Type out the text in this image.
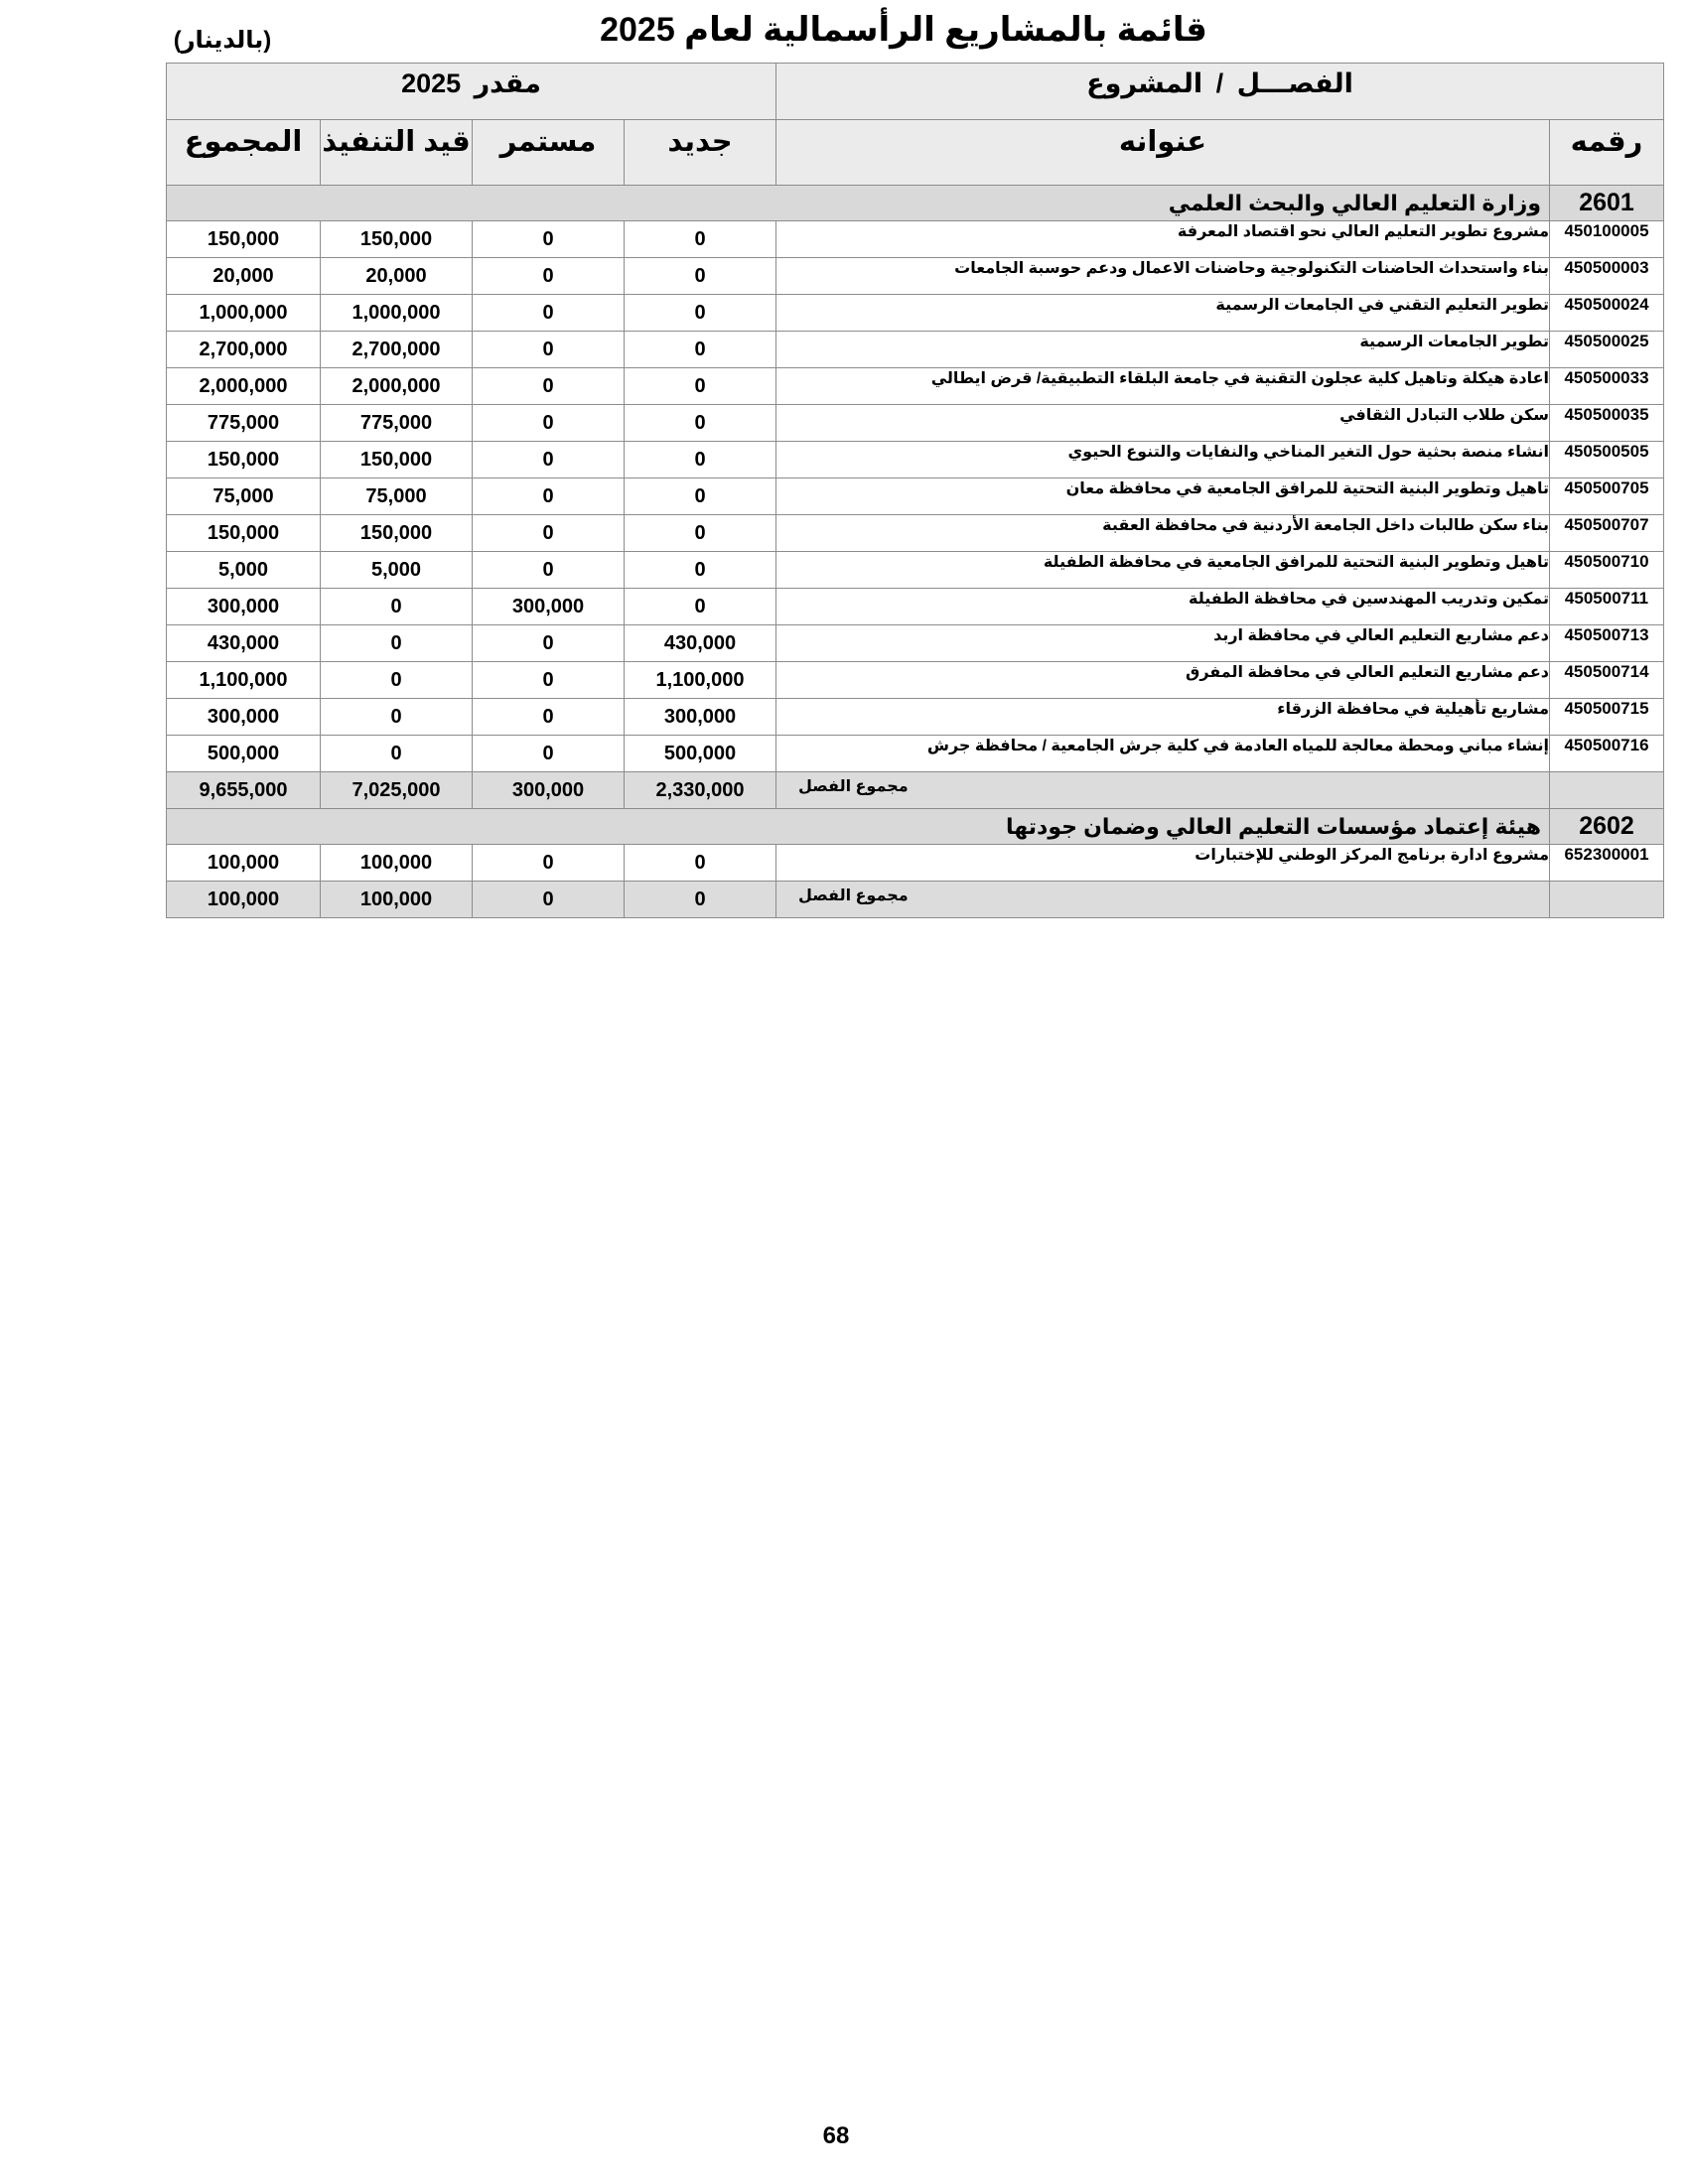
قائمة بالمشاريع الرأسمالية لعام 2025
(بالدينار)
الفصـــل / المشروع		مقدر 2025			
رقمه	عنوانه	جديد	مستمر	قيد التنفيذ	المجموع
2601	وزارة التعليم العالي والبحث العلمي				
450100005	مشروع تطوير التعليم العالي نحو اقتصاد المعرفة	0	0	150,000	150,000
450500003	بناء واستحداث الحاضنات التكنولوجية وحاضنات الاعمال ودعم حوسبة الجامعات	0	0	20,000	20,000
450500024	تطوير التعليم التقني في الجامعات الرسمية	0	0	1,000,000	1,000,000
450500025	تطوير الجامعات الرسمية	0	0	2,700,000	2,700,000
450500033	اعادة هيكلة وتاهيل كلية عجلون التقنية في جامعة البلقاء التطبيقية/ قرض ايطالي	0	0	2,000,000	2,000,000
450500035	سكن طلاب التبادل الثقافي	0	0	775,000	775,000
450500505	انشاء منصة بحثية حول التغير المناخي والنفايات والتنوع الحيوي	0	0	150,000	150,000
450500705	تاهيل وتطوير البنية التحتية للمرافق الجامعية في محافظة معان	0	0	75,000	75,000
450500707	بناء سكن طالبات داخل الجامعة الأردنية في محافظة العقبة	0	0	150,000	150,000
450500710	تاهيل وتطوير البنية التحتية للمرافق الجامعية في محافظة الطفيلة	0	0	5,000	5,000
450500711	تمكين وتدريب المهندسين في محافظة الطفيلة	0	300,000	0	300,000
450500713	دعم مشاريع التعليم العالي في محافظة اربد	430,000	0	0	430,000
450500714	دعم مشاريع التعليم العالي في محافظة المفرق	1,100,000	0	0	1,100,000
450500715	مشاريع تأهيلية في محافظة الزرقاء	300,000	0	0	300,000
450500716	إنشاء مباني ومحطة معالجة للمياه العادمة في كلية جرش الجامعية / محافظة جرش	500,000	0	0	500,000
	مجموع الفصل	2,330,000	300,000	7,025,000	9,655,000
2602	هيئة إعتماد مؤسسات التعليم العالي وضمان جودتها				
652300001	مشروع ادارة برنامج المركز الوطني للإختبارات	0	0	100,000	100,000
	مجموع الفصل	0	0	100,000	100,000
68
